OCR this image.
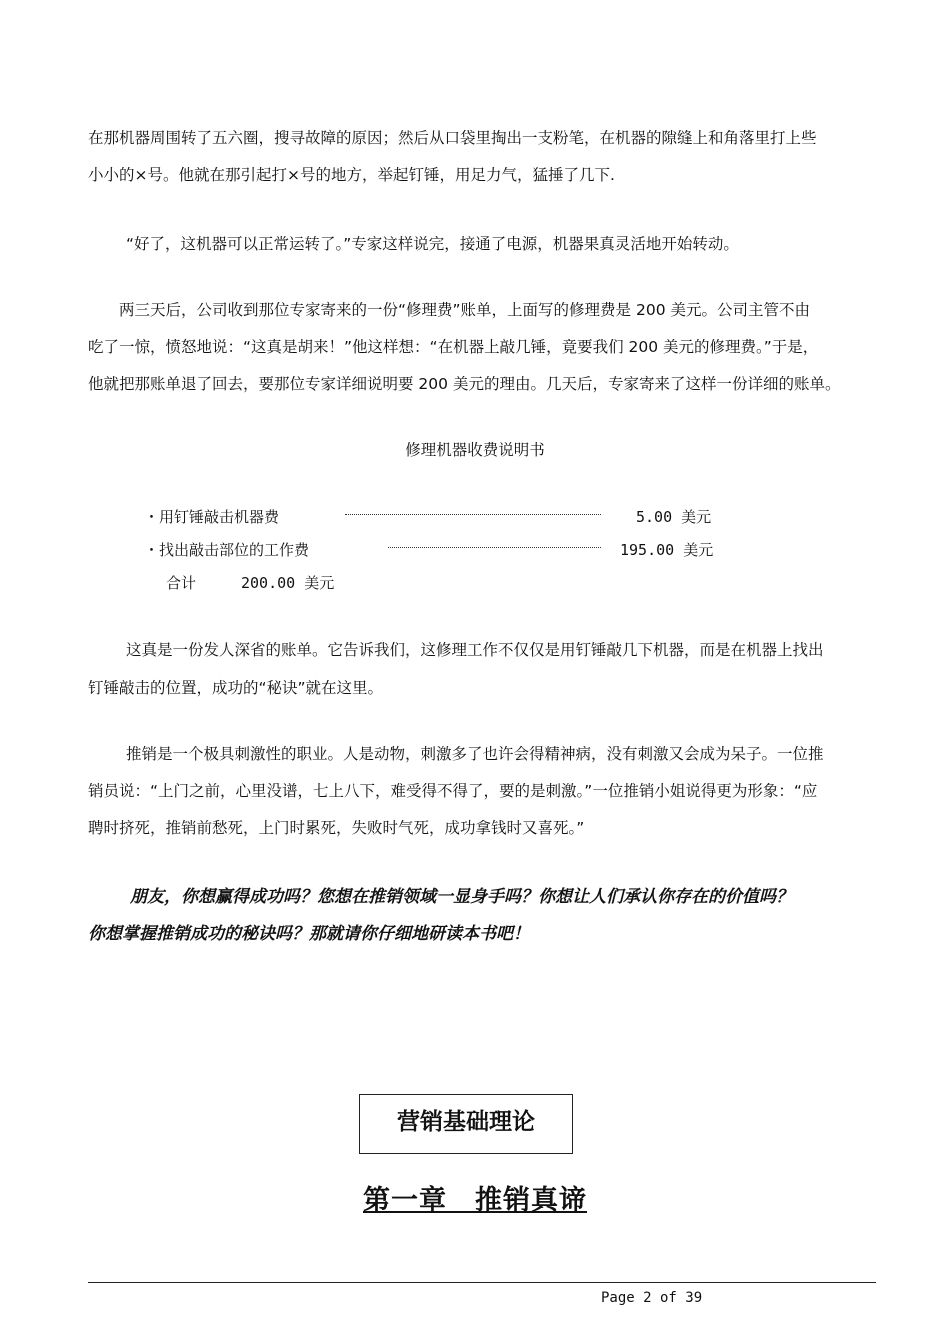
在那机器周围转了五六圈，搜寻故障的原因；然后从口袋里掏出一支粉笔，在机器的隙缝上和角落里打上些
小小的×号。他就在那引起打×号的地方，举起钉锤，用足力气，猛捶了几下.
“好了，这机器可以正常运转了。”专家这样说完，接通了电源，机器果真灵活地开始转动。
两三天后，公司收到那位专家寄来的一份“修理费”账单，上面写的修理费是 200 美元。公司主管不由
吃了一惊，愤怒地说：“这真是胡来！”他这样想：“在机器上敲几锤，竟要我们 200 美元的修理费。”于是，
他就把那账单退了回去，要那位专家详细说明要 200 美元的理由。几天后，专家寄来了这样一份详细的账单。
修理机器收费说明书
・用钉锤敲击机器费	5.00 美元
・找出敲击部位的工作费	195.00 美元
合计	200.00 美元
这真是一份发人深省的账单。它告诉我们，这修理工作不仅仅是用钉锤敲几下机器，而是在机器上找出
钉锤敲击的位置，成功的“秘诀”就在这里。
推销是一个极具刺激性的职业。人是动物，刺激多了也许会得精神病，没有刺激又会成为呆子。一位推
销员说：“上门之前，心里没谱，七上八下，难受得不得了，要的是刺激。”一位推销小姐说得更为形象：“应
聘时挤死，推销前愁死，上门时累死，失败时气死，成功拿钱时又喜死。”
朋友，你想赢得成功吗？您想在推销领域一显身手吗？你想让人们承认你存在的价值吗？
你想掌握推销成功的秘诀吗？那就请你仔细地研读本书吧！
营销基础理论
第一章　推销真谛
Page 2 of 39
